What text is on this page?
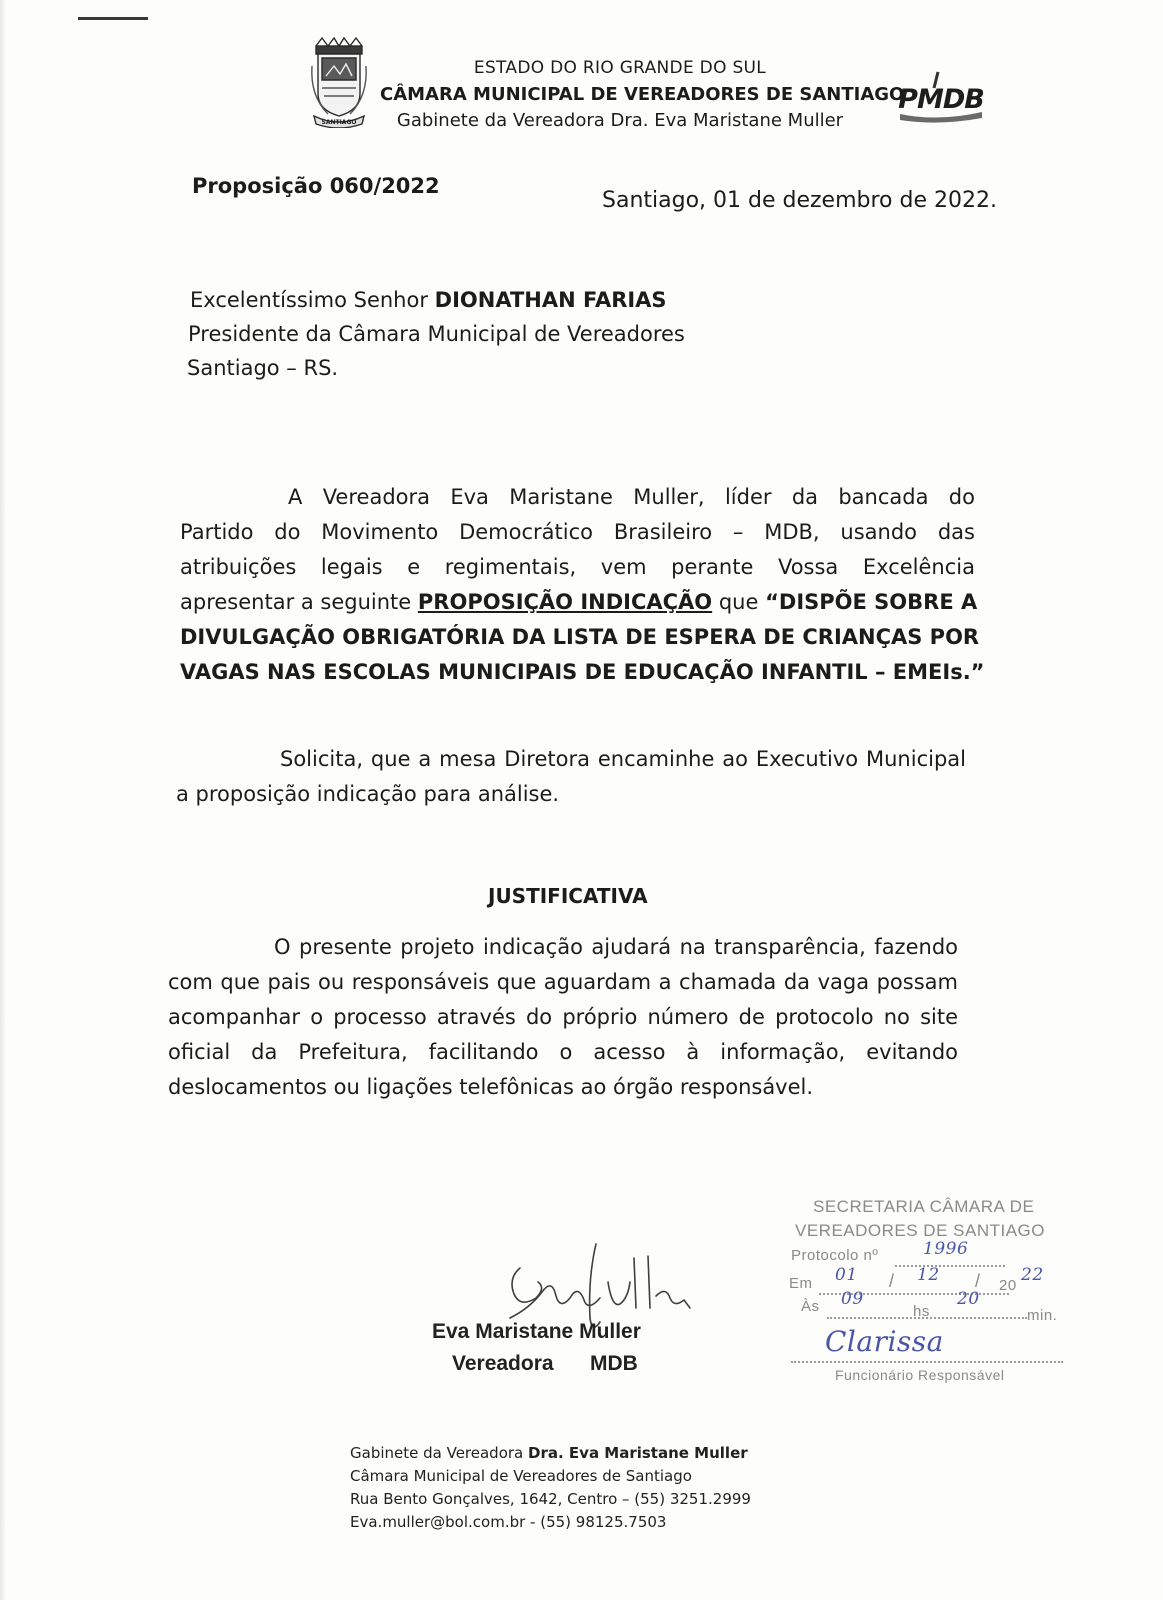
SANTIAGO
ESTADO DO RIO GRANDE DO SUL
CÂMARA MUNICIPAL DE VEREADORES DE SANTIAGO
Gabinete da Vereadora Dra. Eva Maristane Muller
PMDB
Proposição 060/2022
Santiago, 01 de dezembro de 2022.
Excelentíssimo Senhor DIONATHAN FARIAS
Presidente da Câmara Municipal de Vereadores
Santiago – RS.
A Vereadora Eva Maristane Muller, líder da bancada do
Partido do Movimento Democrático Brasileiro – MDB, usando das
atribuições legais e regimentais, vem perante Vossa Excelência
apresentar a seguinte PROPOSIÇÃO INDICAÇÃO que “DISPÕE SOBRE A
DIVULGAÇÃO OBRIGATÓRIA DA LISTA DE ESPERA DE CRIANÇAS POR
VAGAS NAS ESCOLAS MUNICIPAIS DE EDUCAÇÃO INFANTIL – EMEIs.”
Solicita, que a mesa Diretora encaminhe ao Executivo Municipal
a proposição indicação para análise.
JUSTIFICATIVA
O presente projeto indicação ajudará na transparência, fazendo
com que pais ou responsáveis que aguardam a chamada da vaga possam
acompanhar o processo através do próprio número de protocolo no site
oficial da Prefeitura, facilitando o acesso à informação, evitando
deslocamentos ou ligações telefônicas ao órgão responsável.
SECRETARIA CÂMARA DE
VEREADORES DE SANTIAGO
Protocolo nº	1996
Em 01 / 12 / 20
22
Às 09
hs
20
min.
Clarissa
Funcionário Responsável
Eva Maristane Muller
Vereadora MDB
Gabinete da Vereadora Dra. Eva Maristane Muller
Câmara Municipal de Vereadores de Santiago
Rua Bento Gonçalves, 1642, Centro – (55) 3251.2999
Eva.muller@bol.com.br - (55) 98125.7503
